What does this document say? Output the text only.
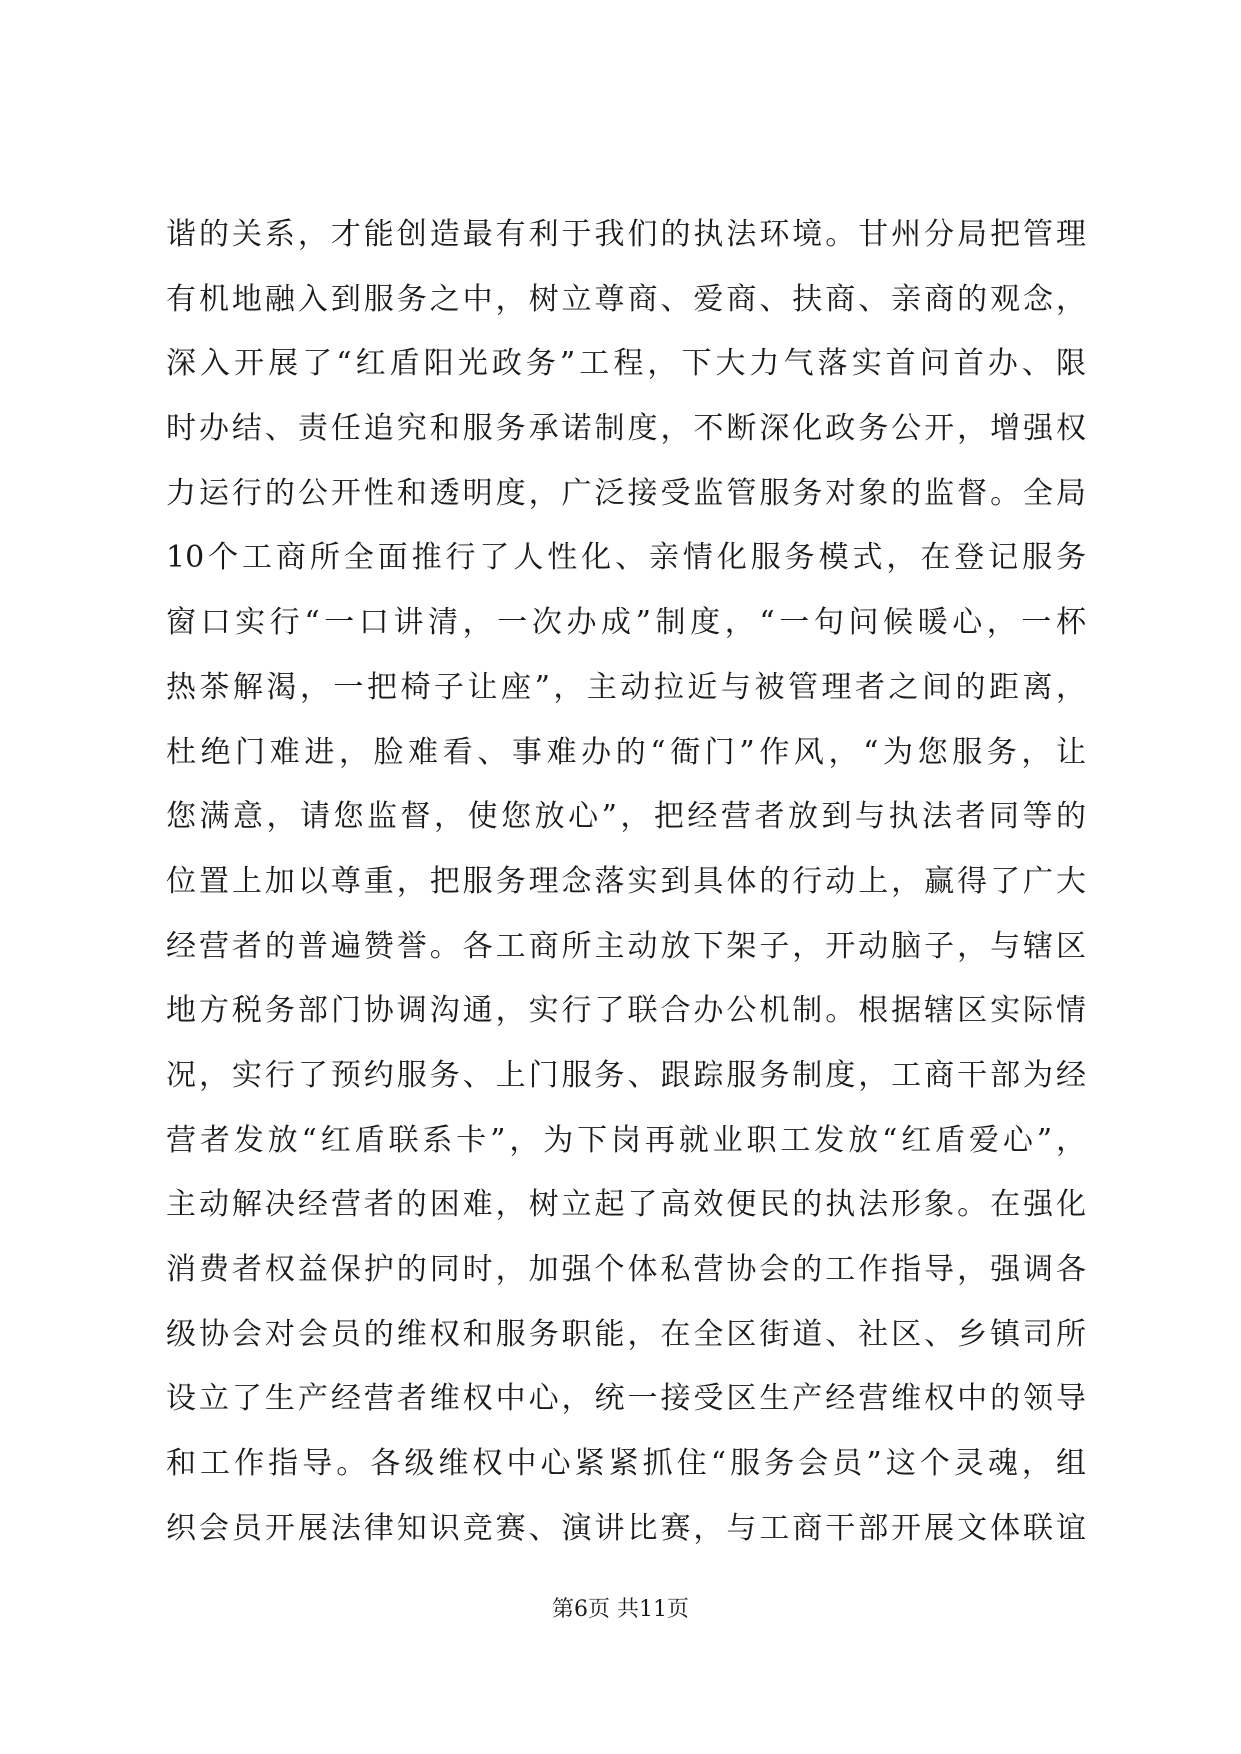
谐的关系，才能创造最有利于我们的执法环境。甘州分局把管理
有机地融入到服务之中，树立尊商、爱商、扶商、亲商的观念，
深入开展了“红盾阳光政务”工程，下大力气落实首问首办、限
时办结、责任追究和服务承诺制度，不断深化政务公开，增强权
力运行的公开性和透明度，广泛接受监管服务对象的监督。全局
10个工商所全面推行了人性化、亲情化服务模式，在登记服务
窗口实行“一口讲清，一次办成”制度，“一句问候暖心，一杯
热茶解渴，一把椅子让座”，主动拉近与被管理者之间的距离，
杜绝门难进，脸难看、事难办的“衙门”作风，“为您服务，让
您满意，请您监督，使您放心”，把经营者放到与执法者同等的
位置上加以尊重，把服务理念落实到具体的行动上，赢得了广大
经营者的普遍赞誉。各工商所主动放下架子，开动脑子，与辖区
地方税务部门协调沟通，实行了联合办公机制。根据辖区实际情
况，实行了预约服务、上门服务、跟踪服务制度，工商干部为经
营者发放“红盾联系卡”，为下岗再就业职工发放“红盾爱心”，
主动解决经营者的困难，树立起了高效便民的执法形象。在强化
消费者权益保护的同时，加强个体私营协会的工作指导，强调各
级协会对会员的维权和服务职能，在全区街道、社区、乡镇司所
设立了生产经营者维权中心，统一接受区生产经营维权中的领导
和工作指导。各级维权中心紧紧抓住“服务会员”这个灵魂，组
织会员开展法律知识竞赛、演讲比赛，与工商干部开展文体联谊
第6页 共11页
